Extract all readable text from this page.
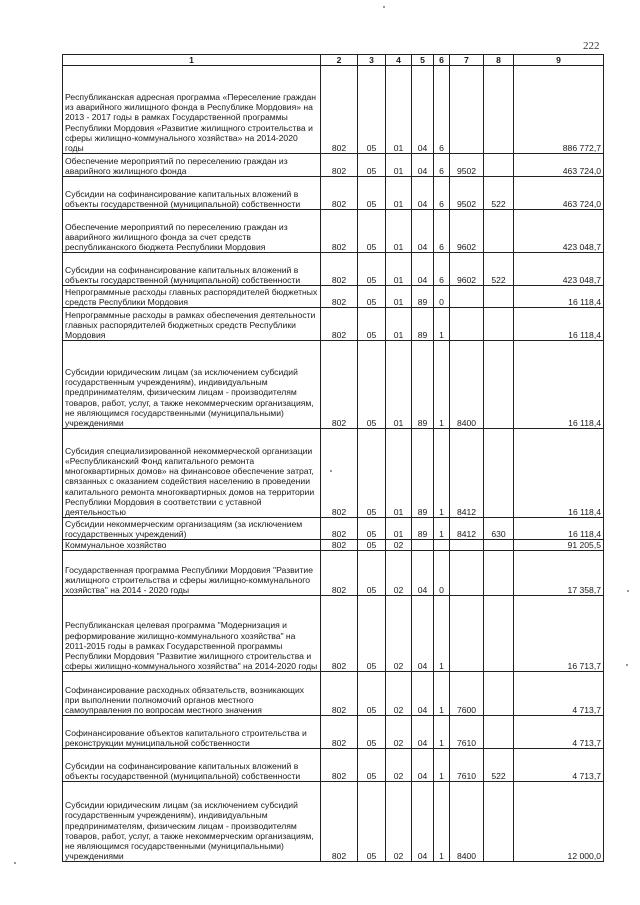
222
1	2	3	4	5	6	7	8	9
Республиканская адресная программа «Переселение граждан из аварийного жилищного фонда в Республике Мордовия» на 2013 - 2017 годы в рамках Государственной программы Республики Мордовия «Развитие жилищного строительства и сферы жилищно-коммунального хозяйства» на 2014-2020 годы	802	05	01	04	6			886 772,7
Обеспечение мероприятий по переселению граждан из аварийного жилищного фонда	802	05	01	04	6	9502		463 724,0
Субсидии на софинансирование капитальных вложений в объекты государственной (муниципальной) собственности	802	05	01	04	6	9502	522	463 724,0
Обеспечение мероприятий по переселению граждан из аварийного жилищного фонда за счет средств республиканского бюджета Республики Мордовия	802	05	01	04	6	9602		423 048,7
Субсидии на софинансирование капитальных вложений в объекты государственной (муниципальной) собственности	802	05	01	04	6	9602	522	423 048,7
Непрограммные расходы главных распорядителей бюджетных средств Республики Мордовия	802	05	01	89	0			16 118,4
Непрограммные расходы в рамках обеспечения деятельности главных распорядителей бюджетных средств Республики Мордовия	802	05	01	89	1			16 118,4
Субсидии юридическим лицам (за исключением субсидий государственным учреждениям), индивидуальным предпринимателям, физическим лицам - производителям товаров, работ, услуг, а также некоммерческим организациям, не являющимся государственными (муниципальными) учреждениями	802	05	01	89	1	8400		16 118,4
Субсидия специализированной некоммерческой организации «Республиканский Фонд капитального ремонта многоквартирных домов» на финансовое обеспечение затрат, связанных с оказанием содействия населению в проведении капитального ремонта многоквартирных домов на территории Республики Мордовия в соответствии с уставной деятельностью	802	05	01	89	1	8412		16 118,4
Субсидии некоммерческим организациям (за исключением государственных учреждений)	802	05	01	89	1	8412	630	16 118,4
Коммунальное хозяйство	802	05	02					91 205,5
Государственная программа Республики Мордовия "Развитие жилищного строительства и сферы жилищно-коммунального хозяйства" на 2014 - 2020 годы	802	05	02	04	0			17 358,7
Республиканская целевая программа "Модернизация и реформирование жилищно-коммунального хозяйства" на 2011-2015 годы в рамках Государственной программы Республики Мордовия "Развитие жилищного строительства и сферы жилищно-коммунального хозяйства" на 2014-2020 годы	802	05	02	04	1			16 713,7
Софинансирование расходных обязательств, возникающих при выполнении полномочий органов местного самоуправления по вопросам местного значения	802	05	02	04	1	7600		4 713,7
Софинансирование объектов капитального строительства и реконструкции муниципальной собственности	802	05	02	04	1	7610		4 713,7
Субсидии на софинансирование капитальных вложений в объекты государственной (муниципальной) собственности	802	05	02	04	1	7610	522	4 713,7
Субсидии юридическим лицам (за исключением субсидий государственным учреждениям), индивидуальным предпринимателям, физическим лицам - производителям товаров, работ, услуг, а также некоммерческим организациям, не являющимся государственными (муниципальными) учреждениями	802	05	02	04	1	8400		12 000,0
